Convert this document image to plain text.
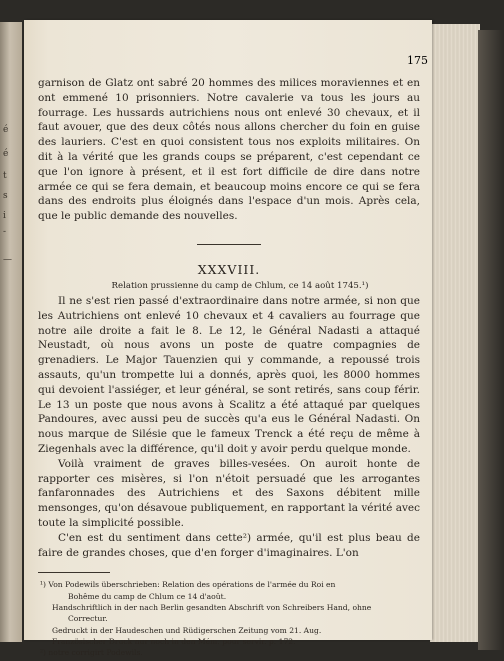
é
é
t
s
i
-
—
175

garnison de Glatz ont sabré 20 hommes des milices moraviennes et en ont emmené 10 prisonniers. Notre cavalerie va tous les jours au fourrage. Les hussards autrichiens nous ont enlevé 30 chevaux, et il faut avouer, que des deux côtés nous allons chercher du foin en guise des lauriers. C'est en quoi consistent tous nos exploits militaires. On dit à la vérité que les grands coups se préparent, c'est cependant ce que l'on ignore à présent, et il est fort difficile de dire dans notre armée ce qui se fera demain, et beaucoup moins encore ce qui se fera dans des endroits plus éloignés dans l'espace d'un mois. Après cela, que le public demande des nouvelles.

XXXVIII.

Relation prussienne du camp de Chlum, ce 14 août 1745.¹)

Il ne s'est rien passé d'extraordinaire dans notre armée, si non que les Autrichiens ont enlevé 10 chevaux et 4 cavaliers au fourrage que notre aile droite a fait le 8. Le 12, le Général Nadasti a attaqué Neustadt, où nous avons un poste de quatre compagnies de grenadiers. Le Major Tauenzien qui y commande, a repoussé trois assauts, qu'un trompette lui a donnés, après quoi, les 8000 hommes qui devoient l'assiéger, et leur général, se sont retirés, sans coup férir. Le 13 un poste que nous avons à Scalitz a été attaqué par quelques Pandoures, avec aussi peu de succès qu'a eus le Général Nadasti. On nous marque de Silésie que le fameux Trenck a été reçu de même à Ziegenhals avec la différence, qu'il doit y avoir perdu quelque monde.

Voilà vraiment de graves billes-vesées. On auroit honte de rapporter ces misères, si l'on n'étoit persuadé que les arrogantes fanfaronnades des Autrichiens et des Saxons débitent mille mensonges, qu'on désavoue publiquement, en rapportant la vérité avec toute la simplicité possible.

C'en est du sentiment dans cette²) armée, qu'il est plus beau de faire de grandes choses, que d'en forger d'imaginaires. L'on

¹) Von Podewils überschrieben: Relation des opérations de l'armée du Roi en

Bohême du camp de Chlum ce 14 d'août.

Handschriftlich in der nach Berlin gesandten Abschrift von Schreibers Hand, ohne

Correctur.

Gedruckt in der Haudeschen und Rüdigerschen Zeitung vom 21. Aug.

Französischer Druck nur noch in den Mém. pour servir. p. 172.

²) notre corrigirt Podewils.
